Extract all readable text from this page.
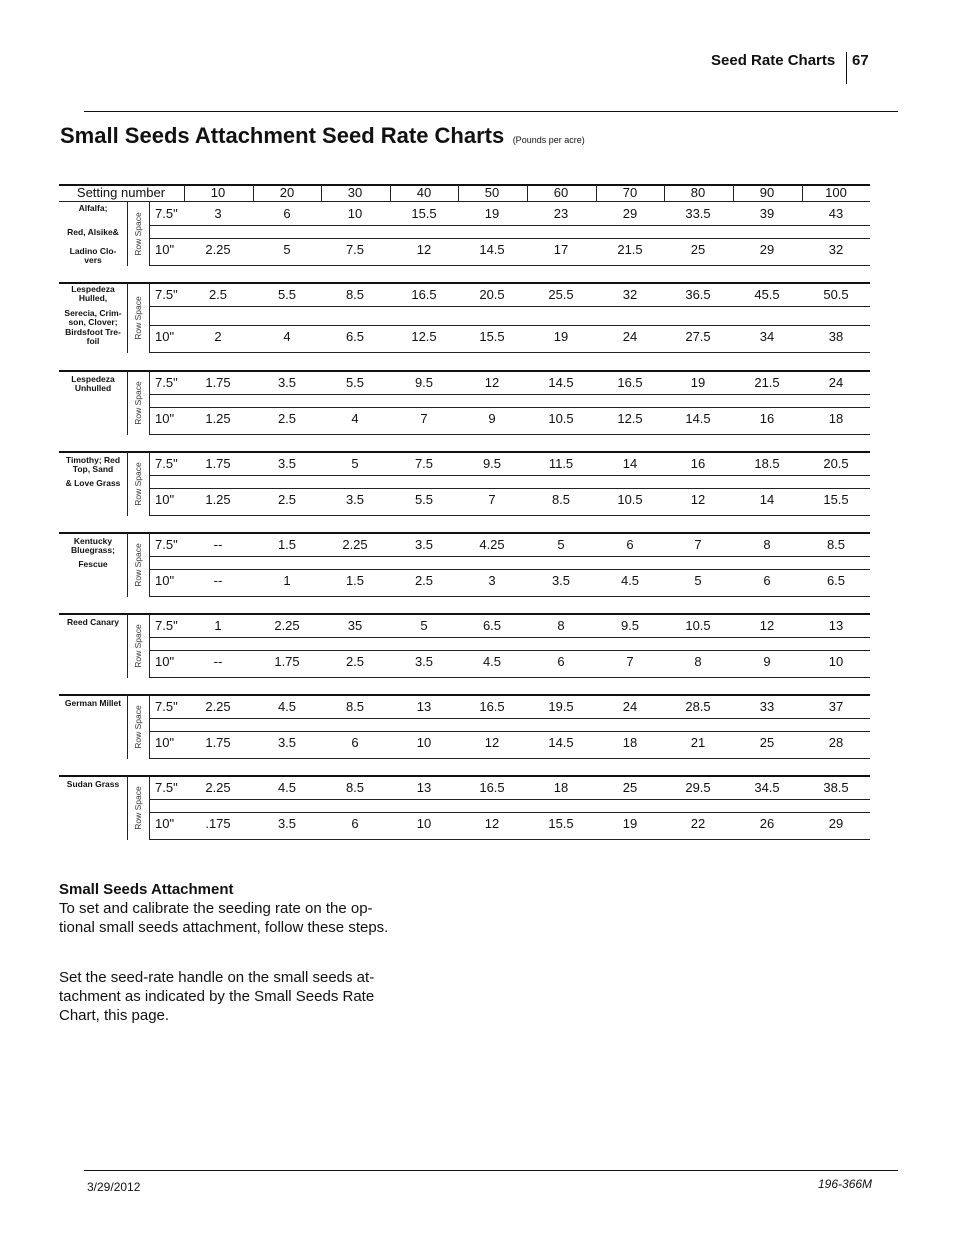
Seed Rate Charts 67
Small Seeds Attachment Seed Rate Charts (Pounds per acre)
Setting number	10	20	30	40	50	60	70	80	90	100
Alfalfa;
Red, Alsike&
Ladino Clo-
vers
Row Space 7.5"	3	6	10	15.5	19	23	29	33.5	39	43
10"	2.25	5	7.5	12	14.5	17	21.5	25	29	32
Lespedeza
Hulled,
Serecia, Crim-
son, Clover;
Birdsfoot Tre-
foil
Row Space
7.5"	2.5	5.5	8.5	16.5	20.5	25.5	32	36.5	45.5	50.5
10"	2	4	6.5	12.5	15.5	19	24	27.5	34	38
Lespedeza
Unhulled	Row Space 7.5"	1.75	3.5	5.5	9.5	12	14.5	16.5	19	21.5	24
10"	1.25	2.5	4	7	9	10.5	12.5	14.5	16	18
Timothy; Red
Top, Sand
& Love Grass	Row Space 7.5"	1.75	3.5	5	7.5	9.5	11.5	14	16	18.5	20.5
10"	1.25	2.5	3.5	5.5	7	8.5	10.5	12	14	15.5
Kentucky
Bluegrass;
Fescue	Row Space 7.5"	--	1.5	2.25	3.5	4.25	5	6	7	8	8.5
10"	--	1	1.5	2.5	3	3.5	4.5	5	6	6.5
Reed Canary
Row Space 7.5"	1	2.25	35	5	6.5	8	9.5	10.5	12	13
10"	--	1.75	2.5	3.5	4.5	6	7	8	9	10
German Millet
Row Space 7.5"	2.25	4.5	8.5	13	16.5	19.5	24	28.5	33	37
10"	1.75	3.5	6	10	12	14.5	18	21	25	28
Sudan Grass
Row Space 7.5"	2.25	4.5	8.5	13	16.5	18	25	29.5	34.5	38.5
10"	.175	3.5	6	10	12	15.5	19	22	26	29
Small Seeds Attachment
To set and calibrate the seeding rate on the op-tional small seeds attachment, follow these steps.
Set the seed-rate handle on the small seeds at-tachment as indicated by the Small Seeds Rate Chart, this page.
3/29/2012	196-366M
